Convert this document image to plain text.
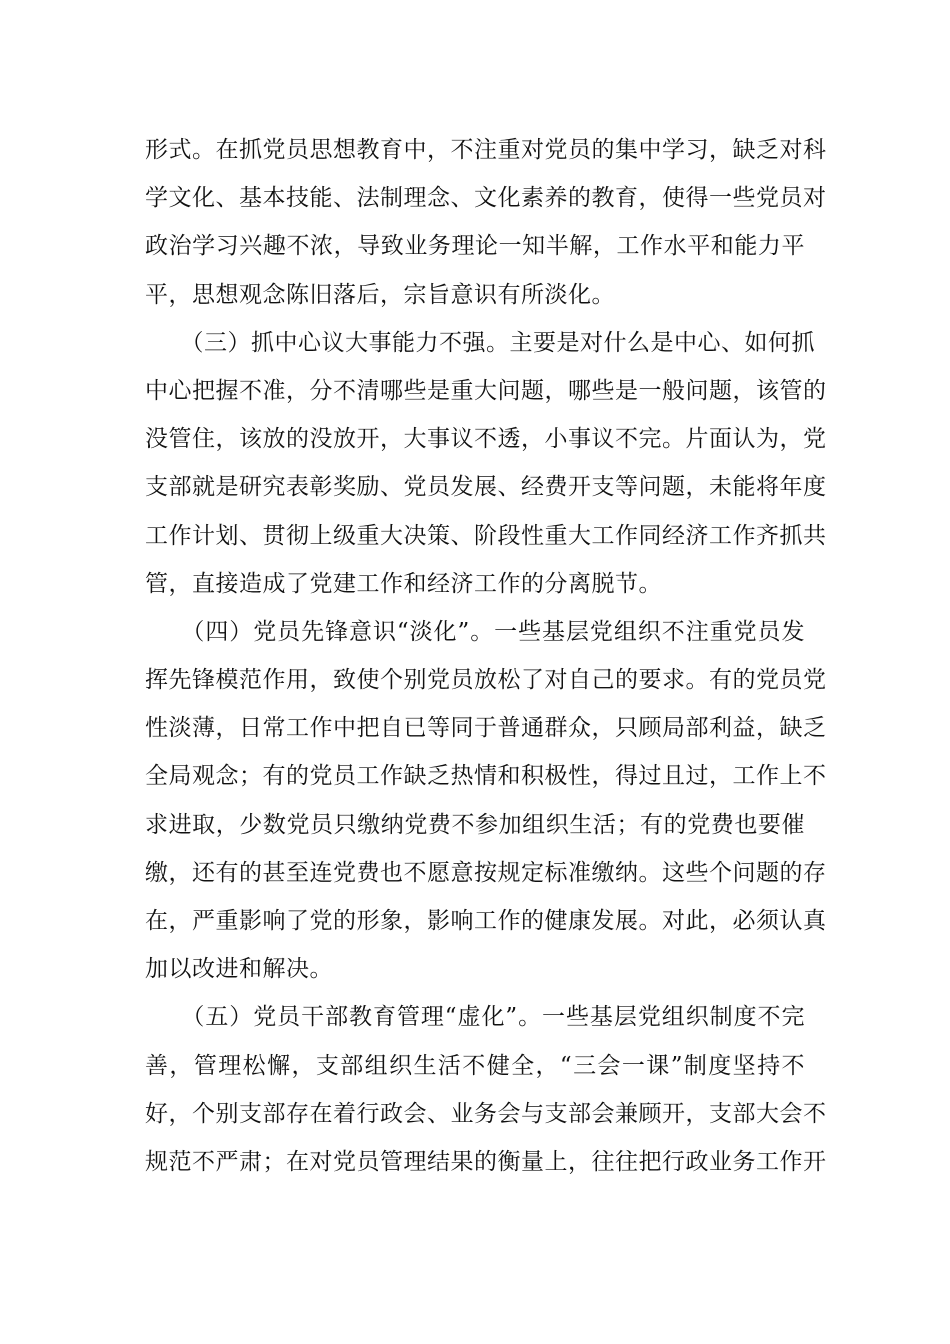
形式。在抓党员思想教育中，不注重对党员的集中学习，缺乏对科
学文化、基本技能、法制理念、文化素养的教育，使得一些党员对
政治学习兴趣不浓，导致业务理论一知半解，工作水平和能力平
平，思想观念陈旧落后，宗旨意识有所淡化。
　　（三）抓中心议大事能力不强。主要是对什么是中心、如何抓
中心把握不准，分不清哪些是重大问题，哪些是一般问题，该管的
没管住，该放的没放开，大事议不透，小事议不完。片面认为，党
支部就是研究表彰奖励、党员发展、经费开支等问题，未能将年度
工作计划、贯彻上级重大决策、阶段性重大工作同经济工作齐抓共
管，直接造成了党建工作和经济工作的分离脱节。
　　（四）党员先锋意识“淡化”。一些基层党组织不注重党员发
挥先锋模范作用，致使个别党员放松了对自己的要求。有的党员党
性淡薄，日常工作中把自已等同于普通群众，只顾局部利益，缺乏
全局观念；有的党员工作缺乏热情和积极性，得过且过，工作上不
求进取，少数党员只缴纳党费不参加组织生活；有的党费也要催
缴，还有的甚至连党费也不愿意按规定标准缴纳。这些个问题的存
在，严重影响了党的形象，影响工作的健康发展。对此，必须认真
加以改进和解决。
　　（五）党员干部教育管理“虚化”。一些基层党组织制度不完
善，管理松懈，支部组织生活不健全，“三会一课”制度坚持不
好，个别支部存在着行政会、业务会与支部会兼顾开，支部大会不
规范不严肃；在对党员管理结果的衡量上，往往把行政业务工作开
